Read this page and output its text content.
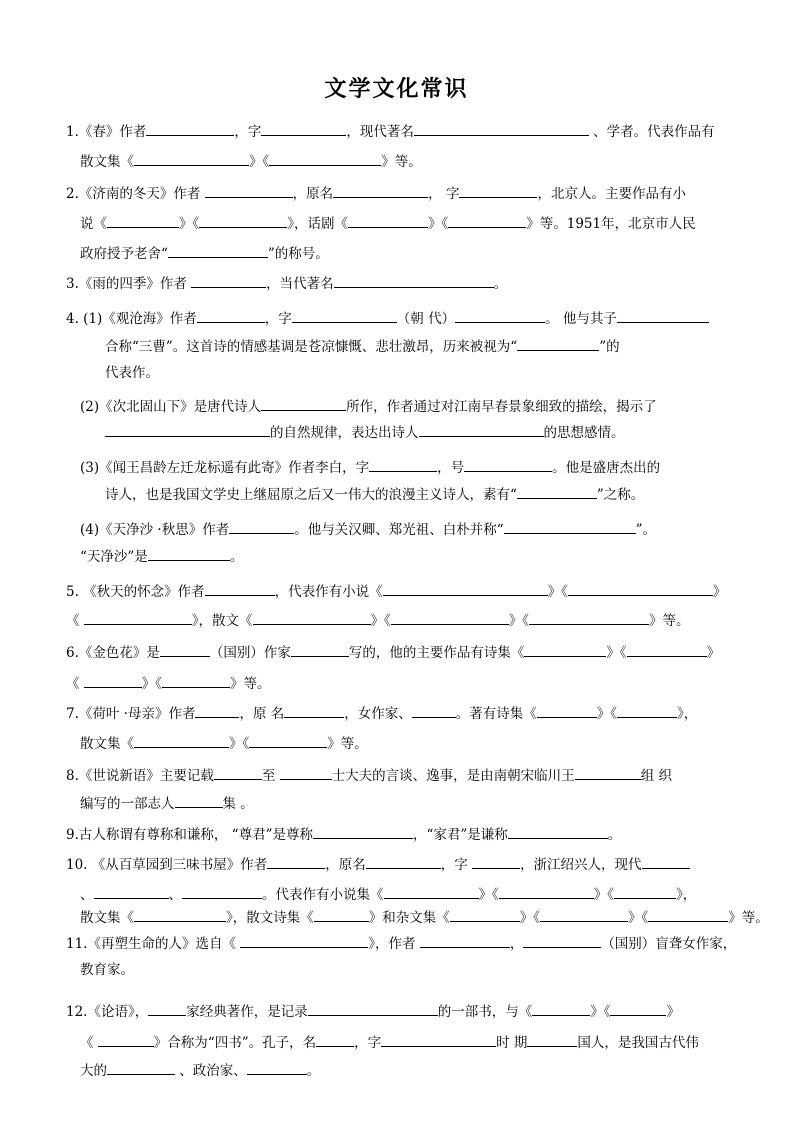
文学文化常识
1.《春》作者	，字	，现代著名	、学者。代表作品有
散文集《	》《	》等。
2.《济南的冬天》作者	，原名	， 字	，北京人。主要作品有小
说《	》《	》，话剧《	》《	》等。1951年，北京市人民
政府授予老舍“	”的称号。
3.《雨的四季》作者	，当代著名	。
4. (1)《观沧海》作者	，字	（朝 代）	。 他与其子
合称“三曹”。这首诗的情感基调是苍凉慷慨、悲壮激昂，历来被视为“	”的
代表作。
(2)《次北固山下》是唐代诗人	所作，作者通过对江南早春景象细致的描绘，揭示了
的自然规律，表达出诗人	的思想感情。
(3)《闻王昌龄左迁龙标遥有此寄》作者李白，字	，号	。他是盛唐杰出的
诗人，也是我国文学史上继屈原之后又一伟大的浪漫主义诗人，素有“	”之称。
(4)《天净沙 ·秋思》作者	。他与关汉卿、郑光祖、白朴并称“	”。
“天净沙”是	。
5. 《秋天的怀念》作者	，代表作有小说《	》《	》
《	》，散文《	》《	》《	》等。
6.《金色花》是	（国别）作家	写的，他的主要作品有诗集《	》《	》
《	》《	》等。
7.《荷叶 ·母亲》作者	，原 名	，女作家、	。著有诗集《	》《	》，
散文集《	》《	》等。
8.《世说新语》主要记载	至	士大夫的言谈、逸事，是由南朝宋临川王	组 织
编写的一部志人	集 。
9.古人称谓有尊称和谦称， “尊君”是尊称	，“家君”是谦称	。
10. 《从百草园到三味书屋》作者	，原名	，字	，浙江绍兴人，现代
、	、	。代表作有小说集《	》《	》《	》，
散文集《	》，散文诗集《	》和杂文集《	》《	》《	》等。
11.《再塑生命的人》选自《	》，作者	，	（国别）盲聋女作家，
教育家。
12.《论语》，	家经典著作，是记录	的一部书，与《	》《	》
《	》合称为“四书”。孔子，名	，字	时 期	国人，是我国古代伟
大的	、政治家、	。
